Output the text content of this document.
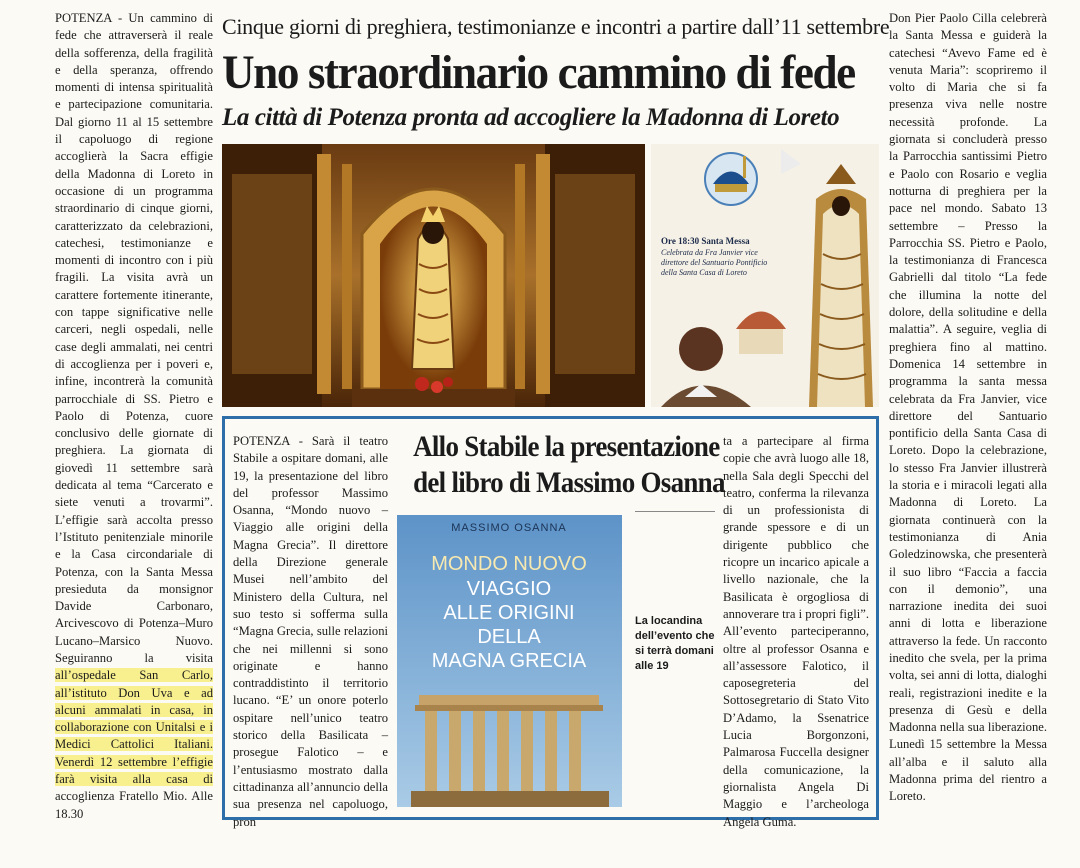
POTENZA - Un cammino di fede che attraverserà il reale della sofferenza, della fragilità e della speranza, offrendo momenti di intensa spiritualità e partecipazione comunitaria. Dal giorno 11 al 15 settembre il capoluogo di regione accoglierà la Sacra effigie della Madonna di Loreto in occasione di un programma straordinario di cinque giorni, caratterizzato da celebrazioni, catechesi, testimonianze e momenti di incontro con i più fragili. La visita avrà un carattere fortemente itinerante, con tappe significative nelle carceri, negli ospedali, nelle case degli ammalati, nei centri di accoglienza per i poveri e, infine, incontrerà la comunità parrocchiale di SS. Pietro e Paolo di Potenza, cuore conclusivo delle giornate di preghiera. La giornata di giovedì 11 settembre sarà dedicata al tema “Carcerato e siete venuti a trovarmi”. L’effigie sarà accolta presso l’Istituto penitenziale minorile e la Casa circondariale di Potenza, con la Santa Messa presieduta da monsignor Davide Carbonaro, Arcivescovo di Potenza–Muro Lucano–Marsico Nuovo. Seguiranno la visita all’ospedale San Carlo, all’istituto Don Uva e ad alcuni ammalati in casa, in collaborazione con Unitalsi e i Medici Cattolici Italiani. Venerdì 12 settembre l’effigie farà visita alla casa di accoglienza Fratello Mio. Alle 18.30

Cinque giorni di preghiera, testimonianze e incontri a partire dall’11 settembre
Uno straordinario cammino di fede
La città di Potenza pronta ad accogliere la Madonna di Loreto
Ore 18:30 Santa Messa
Celebrata da Fra Janvier vice
direttore del Santuario Pontificio
della Santa Casa di Loreto

Don Pier Paolo Cilla celebrerà la Santa Messa e guiderà la catechesi “Avevo Fame ed è venuta Maria”: scopriremo il volto di Maria che si fa presenza viva nelle nostre necessità profonde. La giornata si concluderà presso la Parrocchia santissimi Pietro e Paolo con Rosario e veglia notturna di preghiera per la pace nel mondo. Sabato 13 settembre – Presso la Parrocchia SS. Pietro e Paolo, la testimonianza di Francesca Gabrielli dal titolo “La fede che illumina la notte del dolore, della solitudine e della malattia”. A seguire, veglia di preghiera fino al mattino. Domenica 14 settembre in programma la santa messa celebrata da Fra Janvier, vice direttore del Santuario pontificio della Santa Casa di Loreto. Dopo la celebrazione, lo stesso Fra Janvier illustrerà la storia e i miracoli legati alla Madonna di Loreto. La giornata continuerà con la testimonianza di Ania Goledzinowska, che presenterà il suo libro “Faccia a faccia con il demonio”, una narrazione inedita dei suoi anni di lotta e liberazione attraverso la fede. Un racconto inedito che svela, per la prima volta, sei anni di lotta, dialoghi reali, registrazioni inedite e la presenza di Gesù e della Madonna nella sua liberazione. Lunedì 15 settembre la Messa all’alba e il saluto alla Madonna prima del rientro a Loreto.

POTENZA - Sarà il teatro Stabile a ospitare domani, alle 19, la presentazione del libro del professor Massimo Osanna, “Mondo nuovo – Viaggio alle origini della Magna Grecia”. Il direttore della Direzione generale Musei nell’ambito del Ministero della Cultura, nel suo testo si sofferma sulla “Magna Grecia, sulle relazioni che nei millenni si sono originate e hanno contraddistinto il territorio lucano. “E’ un onore poterlo ospitare nell’unico teatro storico della Basilicata – prosegue Falotico – e l’entusiasmo mostrato dalla cittadinanza all’annuncio della sua presenza nel capoluogo, pron

Allo Stabile la presentazione
del libro di Massimo Osanna
MASSIMO OSANNA
MONDO NUOVO
VIAGGIO
ALLE ORIGINI
DELLA
MAGNA GRECIA
La locandina dell’evento che si terrà domani alle 19

ta a partecipare al firma copie che avrà luogo alle 18, nella Sala degli Specchi del teatro, conferma la rilevanza di un professionista di grande spessore e di un dirigente pubblico che ricopre un incarico apicale a livello nazionale, che la Basilicata è orgogliosa di annoverare tra i propri figli”. All’evento parteciperanno, oltre al professor Osanna e all’assessore Falotico, il caposegreteria del Sottosegretario di Stato Vito D’Adamo, la Ssenatrice Lucia Borgonzoni, Palmarosa Fuccella designer della comunicazione, la giornalista Angela Di Maggio e l’archeologa Angela Guma.
